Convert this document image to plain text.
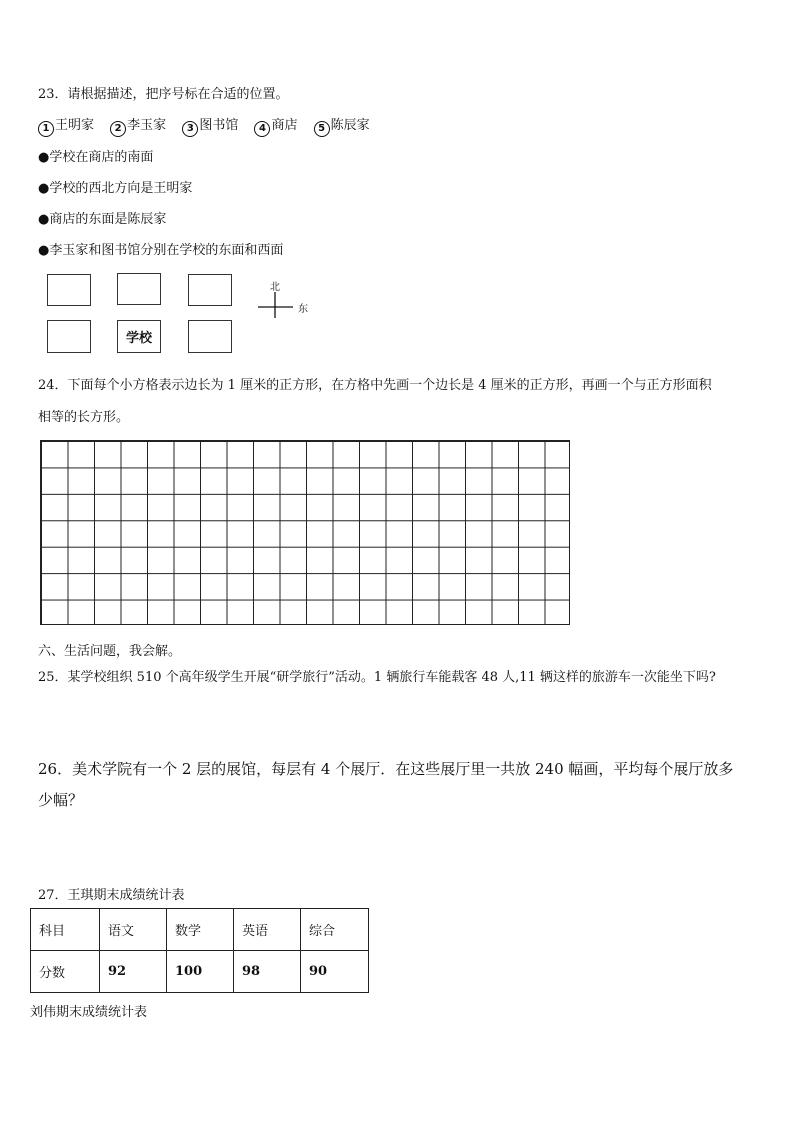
23．请根据描述，把序号标在合适的位置。
1 王明家 2 李玉家 3 图书馆 4 商店 5 陈辰家
●学校在商店的南面
●学校的西北方向是王明家
●商店的东面是陈辰家
●李玉家和图书馆分别在学校的东面和西面
学校
北
东
24．下面每个小方格表示边长为 1 厘米的正方形，在方格中先画一个边长是 4 厘米的正方形，再画一个与正方形面积
相等的长方形。
六、生活问题，我会解。
25．某学校组织 510 个高年级学生开展“研学旅行”活动。1 辆旅行车能载客 48 人,11 辆这样的旅游车一次能坐下吗?
26．美术学院有一个 2 层的展馆，每层有 4 个展厅．在这些展厅里一共放 240 幅画，平均每个展厅放多
少幅？
27．王琪期末成绩统计表
科目	语文	数学	英语	综合
分数	92	100	98	90
刘伟期末成绩统计表
